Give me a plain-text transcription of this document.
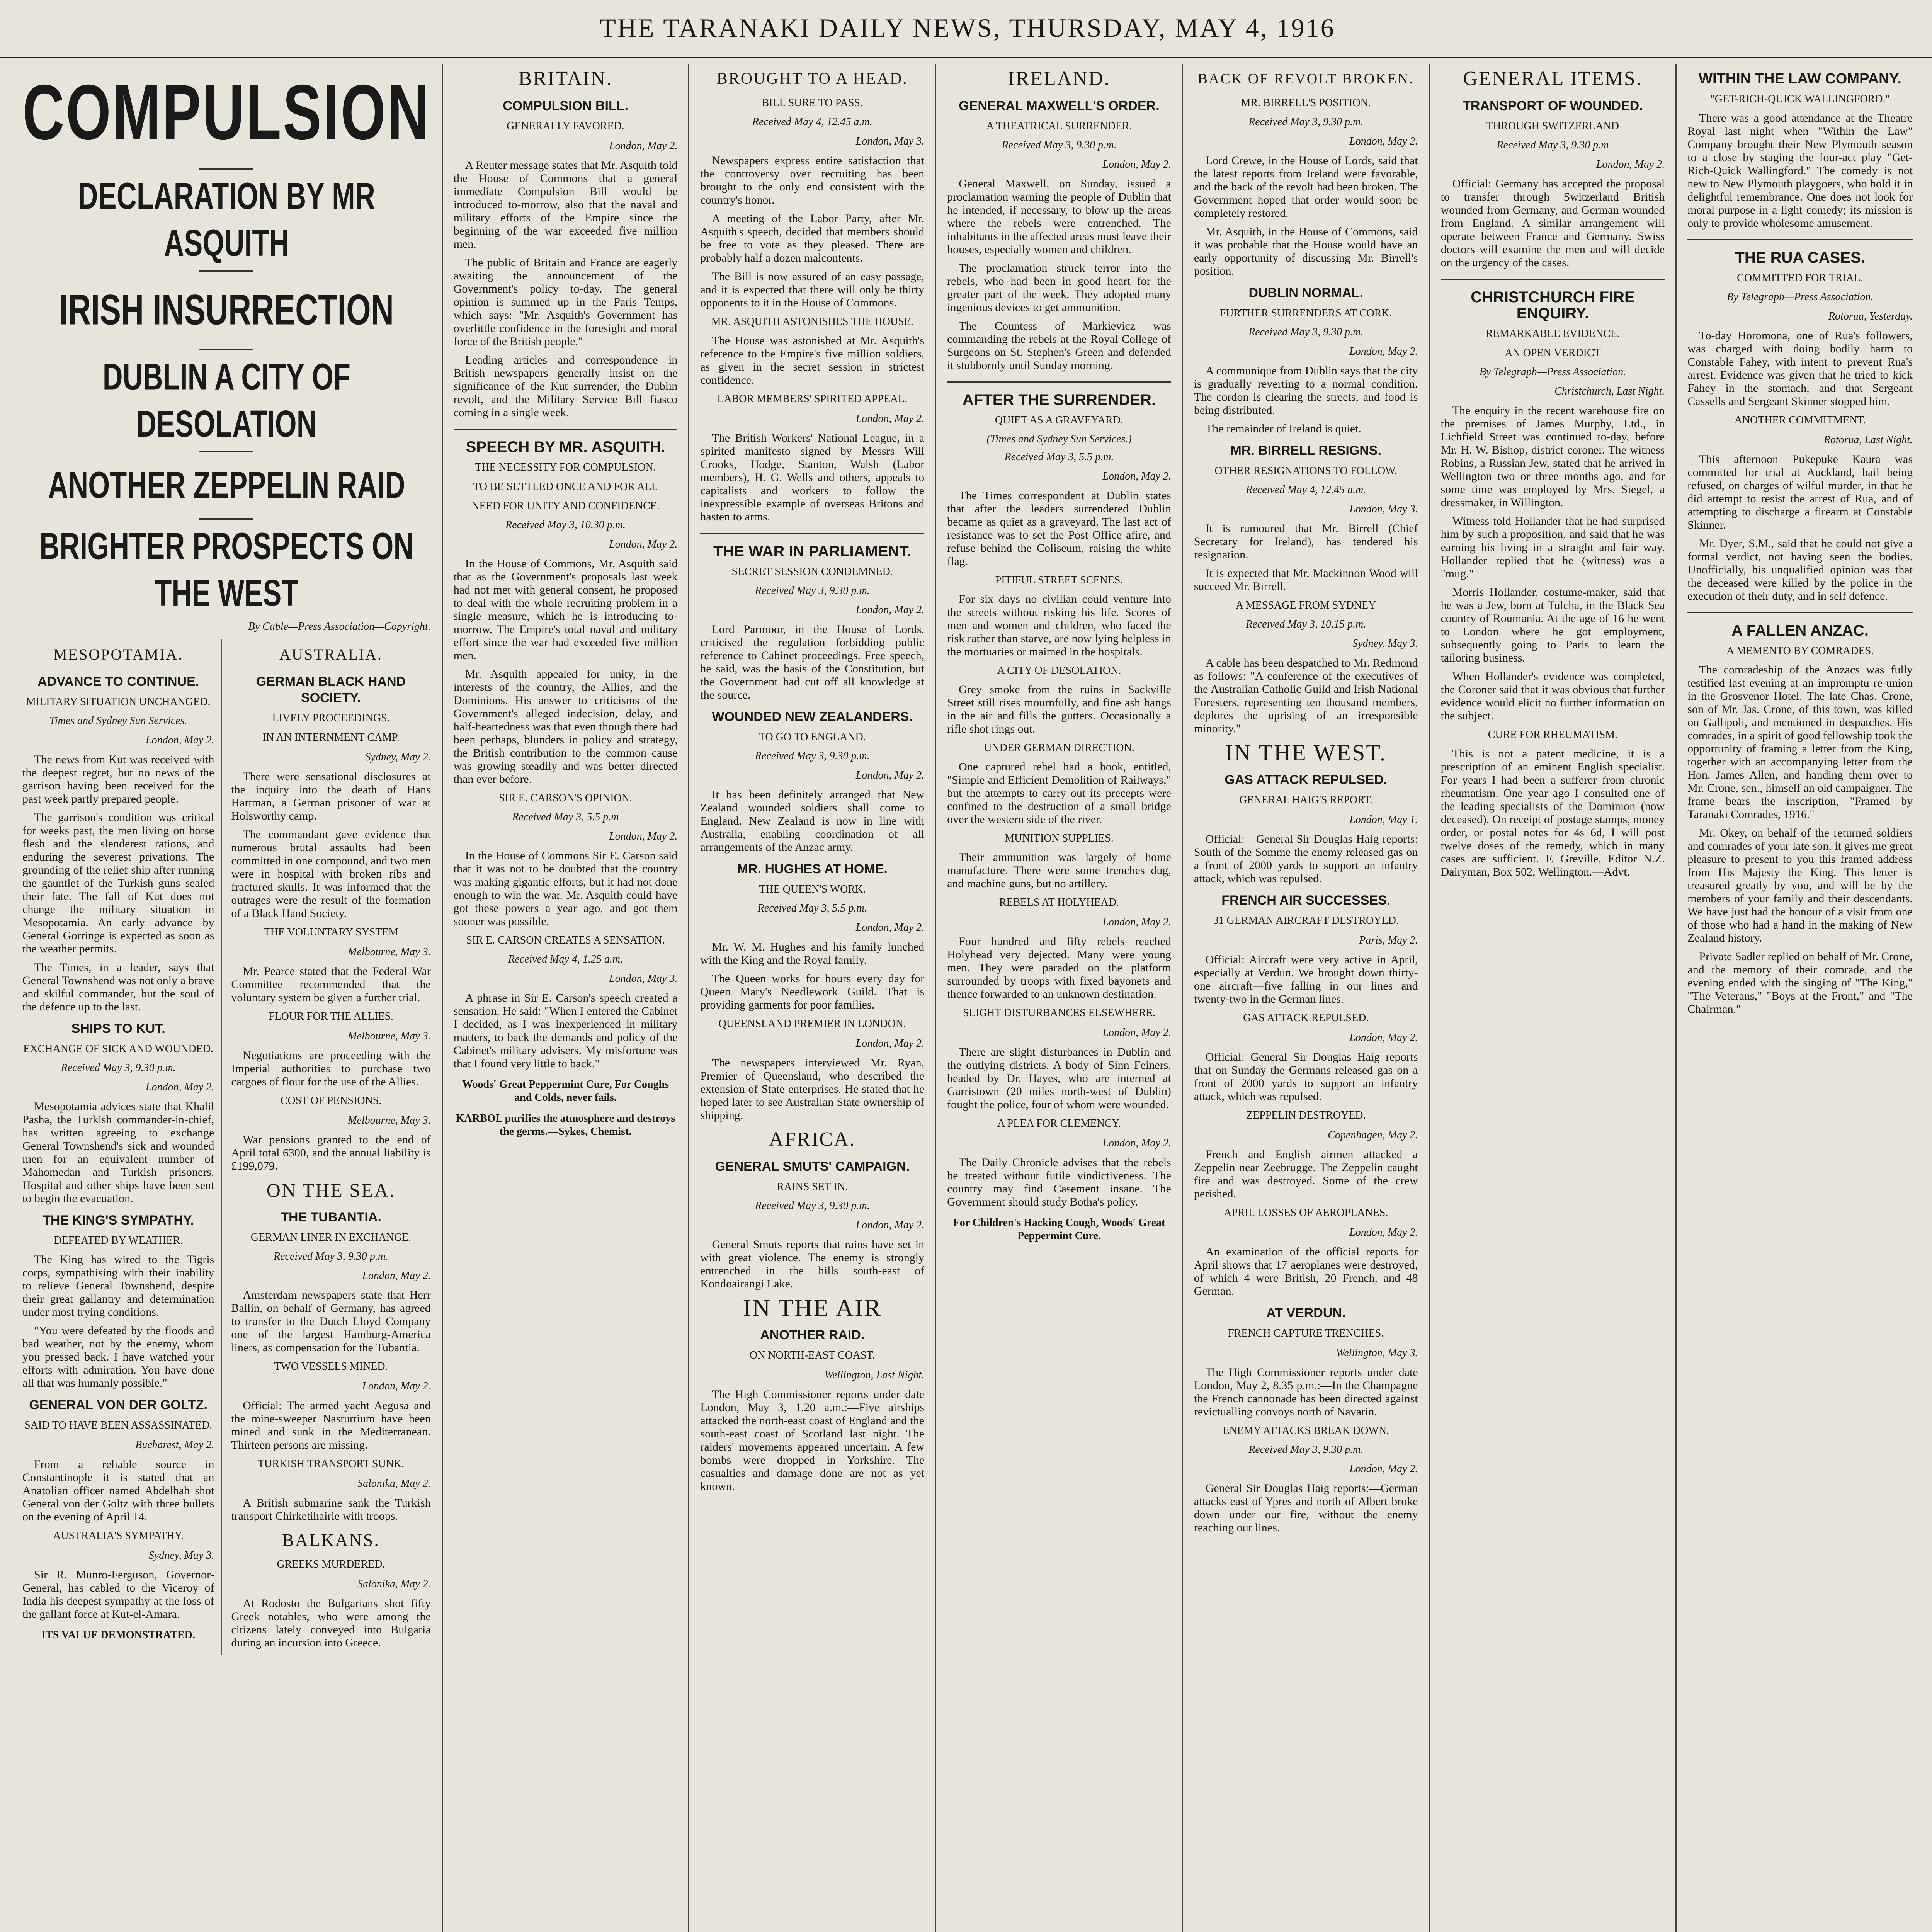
THE TARANAKI DAILY NEWS, THURSDAY, MAY 4, 1916
COMPULSION
DECLARATION BY MR ASQUITH
IRISH INSURRECTION
DUBLIN A CITY OF DESOLATION
ANOTHER ZEPPELIN RAID
BRIGHTER PROSPECTS ON THE WEST
By Cable—Press Association—Copyright.
MESOPOTAMIA.
ADVANCE TO CONTINUE.
MILITARY SITUATION UNCHANGED.
Times and Sydney Sun Services.
London, May 2.

The news from Kut was received with the deepest regret, but no news of the garrison having been received for the past week partly prepared people.

The garrison's condition was critical for weeks past, the men living on horse flesh and the slenderest rations, and enduring the severest privations. The grounding of the relief ship after running the gauntlet of the Turkish guns sealed their fate. The fall of Kut does not change the military situation in Mesopotamia. An early advance by General Gorringe is expected as soon as the weather permits.

The Times, in a leader, says that General Townshend was not only a brave and skilful commander, but the soul of the defence up to the last.

SHIPS TO KUT.
EXCHANGE OF SICK AND WOUNDED.
Received May 3, 9.30 p.m.
London, May 2.

Mesopotamia advices state that Khalil Pasha, the Turkish commander-in-chief, has written agreeing to exchange General Townshend's sick and wounded men for an equivalent number of Mahomedan and Turkish prisoners. Hospital and other ships have been sent to begin the evacuation.

THE KING'S SYMPATHY.
DEFEATED BY WEATHER.

The King has wired to the Tigris corps, sympathising with their inability to relieve General Townshend, despite their great gallantry and determination under most trying conditions.

"You were defeated by the floods and bad weather, not by the enemy, whom you pressed back. I have watched your efforts with admiration. You have done all that was humanly possible."

GENERAL VON DER GOLTZ.
SAID TO HAVE BEEN ASSASSINATED.
Bucharest, May 2.

From a reliable source in Constantinople it is stated that an Anatolian officer named Abdelhah shot General von der Goltz with three bullets on the evening of April 14.

AUSTRALIA'S SYMPATHY.
Sydney, May 3.

Sir R. Munro-Ferguson, Governor-General, has cabled to the Viceroy of India his deepest sympathy at the loss of the gallant force at Kut-el-Amara.

ITS VALUE DEMONSTRATED.
AUSTRALIA.
GERMAN BLACK HAND SOCIETY.
LIVELY PROCEEDINGS.
IN AN INTERNMENT CAMP.
Sydney, May 2.

There were sensational disclosures at the inquiry into the death of Hans Hartman, a German prisoner of war at Holsworthy camp.

The commandant gave evidence that numerous brutal assaults had been committed in one compound, and two men were in hospital with broken ribs and fractured skulls. It was informed that the outrages were the result of the formation of a Black Hand Society.

THE VOLUNTARY SYSTEM
Melbourne, May 3.

Mr. Pearce stated that the Federal War Committee recommended that the voluntary system be given a further trial.

FLOUR FOR THE ALLIES.
Melbourne, May 3.

Negotiations are proceeding with the Imperial authorities to purchase two cargoes of flour for the use of the Allies.

COST OF PENSIONS.
Melbourne, May 3.

War pensions granted to the end of April total 6300, and the annual liability is £199,079.

ON THE SEA.
THE TUBANTIA.
GERMAN LINER IN EXCHANGE.
Received May 3, 9.30 p.m.
London, May 2.

Amsterdam newspapers state that Herr Ballin, on behalf of Germany, has agreed to transfer to the Dutch Lloyd Company one of the largest Hamburg-America liners, as compensation for the Tubantia.

TWO VESSELS MINED.
London, May 2.

Official: The armed yacht Aegusa and the mine-sweeper Nasturtium have been mined and sunk in the Mediterranean. Thirteen persons are missing.

TURKISH TRANSPORT SUNK.
Salonika, May 2.

A British submarine sank the Turkish transport Chirketihairie with troops.

BALKANS.
GREEKS MURDERED.
Salonika, May 2.

At Rodosto the Bulgarians shot fifty Greek notables, who were among the citizens lately conveyed into Bulgaria during an incursion into Greece.

BRITAIN.
COMPULSION BILL.
GENERALLY FAVORED.
London, May 2.

A Reuter message states that Mr. Asquith told the House of Commons that a general immediate Compulsion Bill would be introduced to-morrow, also that the naval and military efforts of the Empire since the beginning of the war exceeded five million men.

The public of Britain and France are eagerly awaiting the announcement of the Government's policy to-day. The general opinion is summed up in the Paris Temps, which says: "Mr. Asquith's Government has overlittle confidence in the foresight and moral force of the British people."

Leading articles and correspondence in British newspapers generally insist on the significance of the Kut surrender, the Dublin revolt, and the Military Service Bill fiasco coming in a single week.

SPEECH BY MR. ASQUITH.
THE NECESSITY FOR COMPULSION.
TO BE SETTLED ONCE AND FOR ALL
NEED FOR UNITY AND CONFIDENCE.
Received May 3, 10.30 p.m.
London, May 2.

In the House of Commons, Mr. Asquith said that as the Government's proposals last week had not met with general consent, he proposed to deal with the whole recruiting problem in a single measure, which he is introducing to-morrow. The Empire's total naval and military effort since the war had exceeded five million men.

Mr. Asquith appealed for unity, in the interests of the country, the Allies, and the Dominions. His answer to criticisms of the Government's alleged indecision, delay, and half-heartedness was that even though there had been perhaps, blunders in policy and strategy, the British contribution to the common cause was growing steadily and was better directed than ever before.

SIR E. CARSON'S OPINION.
Received May 3, 5.5 p.m
London, May 2.

In the House of Commons Sir E. Carson said that it was not to be doubted that the country was making gigantic efforts, but it had not done enough to win the war. Mr. Asquith could have got these powers a year ago, and got them sooner was possible.

SIR E. CARSON CREATES A SENSATION.
Received May 4, 1.25 a.m.
London, May 3.

A phrase in Sir E. Carson's speech created a sensation. He said: "When I entered the Cabinet I decided, as I was inexperienced in military matters, to back the demands and policy of the Cabinet's military advisers. My misfortune was that I found very little to back."

Woods' Great Peppermint Cure, For Coughs and Colds, never fails.
KARBOL purifies the atmosphere and destroys the germs.—Sykes, Chemist.
BROUGHT TO A HEAD.
BILL SURE TO PASS.
Received May 4, 12.45 a.m.
London, May 3.

Newspapers express entire satisfaction that the controversy over recruiting has been brought to the only end consistent with the country's honor.

A meeting of the Labor Party, after Mr. Asquith's speech, decided that members should be free to vote as they pleased. There are probably half a dozen malcontents.

The Bill is now assured of an easy passage, and it is expected that there will only be thirty opponents to it in the House of Commons.

MR. ASQUITH ASTONISHES THE HOUSE.

The House was astonished at Mr. Asquith's reference to the Empire's five million soldiers, as given in the secret session in strictest confidence.

LABOR MEMBERS' SPIRITED APPEAL.
London, May 2.

The British Workers' National League, in a spirited manifesto signed by Messrs Will Crooks, Hodge, Stanton, Walsh (Labor members), H. G. Wells and others, appeals to capitalists and workers to follow the inexpressible example of overseas Britons and hasten to arms.

THE WAR IN PARLIAMENT.
SECRET SESSION CONDEMNED.
Received May 3, 9.30 p.m.
London, May 2.

Lord Parmoor, in the House of Lords, criticised the regulation forbidding public reference to Cabinet proceedings. Free speech, he said, was the basis of the Constitution, but the Government had cut off all knowledge at the source.

WOUNDED NEW ZEALANDERS.
TO GO TO ENGLAND.
Received May 3, 9.30 p.m.
London, May 2.

It has been definitely arranged that New Zealand wounded soldiers shall come to England. New Zealand is now in line with Australia, enabling coordination of all arrangements of the Anzac army.

MR. HUGHES AT HOME.
THE QUEEN'S WORK.
Received May 3, 5.5 p.m.
London, May 2.

Mr. W. M. Hughes and his family lunched with the King and the Royal family.

The Queen works for hours every day for Queen Mary's Needlework Guild. That is providing garments for poor families.

QUEENSLAND PREMIER IN LONDON.
London, May 2.

The newspapers interviewed Mr. Ryan, Premier of Queensland, who described the extension of State enterprises. He stated that he hoped later to see Australian State ownership of shipping.

AFRICA.
GENERAL SMUTS' CAMPAIGN.
RAINS SET IN.
Received May 3, 9.30 p.m.
London, May 2.

General Smuts reports that rains have set in with great violence. The enemy is strongly entrenched in the hills south-east of Kondoairangi Lake.

IN THE AIR
ANOTHER RAID.
ON NORTH-EAST COAST.
Wellington, Last Night.

The High Commissioner reports under date London, May 3, 1.20 a.m.:—Five airships attacked the north-east coast of England and the south-east coast of Scotland last night. The raiders' movements appeared uncertain. A few bombs were dropped in Yorkshire. The casualties and damage done are not as yet known.

IRELAND.
GENERAL MAXWELL'S ORDER.
A THEATRICAL SURRENDER.
Received May 3, 9.30 p.m.
London, May 2.

General Maxwell, on Sunday, issued a proclamation warning the people of Dublin that he intended, if necessary, to blow up the areas where the rebels were entrenched. The inhabitants in the affected areas must leave their houses, especially women and children.

The proclamation struck terror into the rebels, who had been in good heart for the greater part of the week. They adopted many ingenious devices to get ammunition.

The Countess of Markievicz was commanding the rebels at the Royal College of Surgeons on St. Stephen's Green and defended it stubbornly until Sunday morning.

AFTER THE SURRENDER.
QUIET AS A GRAVEYARD.
(Times and Sydney Sun Services.)
Received May 3, 5.5 p.m.
London, May 2.

The Times correspondent at Dublin states that after the leaders surrendered Dublin became as quiet as a graveyard. The last act of resistance was to set the Post Office afire, and refuse behind the Coliseum, raising the white flag.

PITIFUL STREET SCENES.

For six days no civilian could venture into the streets without risking his life. Scores of men and women and children, who faced the risk rather than starve, are now lying helpless in the mortuaries or maimed in the hospitals.

A CITY OF DESOLATION.

Grey smoke from the ruins in Sackville Street still rises mournfully, and fine ash hangs in the air and fills the gutters. Occasionally a rifle shot rings out.

UNDER GERMAN DIRECTION.

One captured rebel had a book, entitled, "Simple and Efficient Demolition of Railways," but the attempts to carry out its precepts were confined to the destruction of a small bridge over the western side of the river.

MUNITION SUPPLIES.

Their ammunition was largely of home manufacture. There were some trenches dug, and machine guns, but no artillery.

REBELS AT HOLYHEAD.
London, May 2.

Four hundred and fifty rebels reached Holyhead very dejected. Many were young men. They were paraded on the platform surrounded by troops with fixed bayonets and thence forwarded to an unknown destination.

SLIGHT DISTURBANCES ELSEWHERE.
London, May 2.

There are slight disturbances in Dublin and the outlying districts. A body of Sinn Feiners, headed by Dr. Hayes, who are interned at Garristown (20 miles north-west of Dublin) fought the police, four of whom were wounded.

A PLEA FOR CLEMENCY.
London, May 2.

The Daily Chronicle advises that the rebels be treated without futile vindictiveness. The country may find Casement insane. The Government should study Botha's policy.

For Children's Hacking Cough, Woods' Great Peppermint Cure.
BACK OF REVOLT BROKEN.
MR. BIRRELL'S POSITION.
Received May 3, 9.30 p.m.
London, May 2.

Lord Crewe, in the House of Lords, said that the latest reports from Ireland were favorable, and the back of the revolt had been broken. The Government hoped that order would soon be completely restored.

Mr. Asquith, in the House of Commons, said it was probable that the House would have an early opportunity of discussing Mr. Birrell's position.

DUBLIN NORMAL.
FURTHER SURRENDERS AT CORK.
Received May 3, 9.30 p.m.
London, May 2.

A communique from Dublin says that the city is gradually reverting to a normal condition. The cordon is clearing the streets, and food is being distributed.

The remainder of Ireland is quiet.

MR. BIRRELL RESIGNS.
OTHER RESIGNATIONS TO FOLLOW.
Received May 4, 12.45 a.m.
London, May 3.

It is rumoured that Mr. Birrell (Chief Secretary for Ireland), has tendered his resignation.

It is expected that Mr. Mackinnon Wood will succeed Mr. Birrell.

A MESSAGE FROM SYDNEY
Received May 3, 10.15 p.m.
Sydney, May 3.

A cable has been despatched to Mr. Redmond as follows: "A conference of the executives of the Australian Catholic Guild and Irish National Foresters, representing ten thousand members, deplores the uprising of an irresponsible minority."

IN THE WEST.
GAS ATTACK REPULSED.
GENERAL HAIG'S REPORT.
London, May 1.

Official:—General Sir Douglas Haig reports: South of the Somme the enemy released gas on a front of 2000 yards to support an infantry attack, which was repulsed.

FRENCH AIR SUCCESSES.
31 GERMAN AIRCRAFT DESTROYED.
Paris, May 2.

Official: Aircraft were very active in April, especially at Verdun. We brought down thirty-one aircraft—five falling in our lines and twenty-two in the German lines.

GAS ATTACK REPULSED.
London, May 2.

Official: General Sir Douglas Haig reports that on Sunday the Germans released gas on a front of 2000 yards to support an infantry attack, which was repulsed.

ZEPPELIN DESTROYED.
Copenhagen, May 2.

French and English airmen attacked a Zeppelin near Zeebrugge. The Zeppelin caught fire and was destroyed. Some of the crew perished.

APRIL LOSSES OF AEROPLANES.
London, May 2.

An examination of the official reports for April shows that 17 aeroplanes were destroyed, of which 4 were British, 20 French, and 48 German.

AT VERDUN.
FRENCH CAPTURE TRENCHES.
Wellington, May 3.

The High Commissioner reports under date London, May 2, 8.35 p.m.:—In the Champagne the French cannonade has been directed against revictualling convoys north of Navarin.

ENEMY ATTACKS BREAK DOWN.
Received May 3, 9.30 p.m.
London, May 2.

General Sir Douglas Haig reports:—German attacks east of Ypres and north of Albert broke down under our fire, without the enemy reaching our lines.

GENERAL ITEMS.
TRANSPORT OF WOUNDED.
THROUGH SWITZERLAND
Received May 3, 9.30 p.m
London, May 2.

Official: Germany has accepted the proposal to transfer through Switzerland British wounded from Germany, and German wounded from England. A similar arrangement will operate between France and Germany. Swiss doctors will examine the men and will decide on the urgency of the cases.

CHRISTCHURCH FIRE ENQUIRY.
REMARKABLE EVIDENCE.
AN OPEN VERDICT
By Telegraph—Press Association.
Christchurch, Last Night.

The enquiry in the recent warehouse fire on the premises of James Murphy, Ltd., in Lichfield Street was continued to-day, before Mr. H. W. Bishop, district coroner. The witness Robins, a Russian Jew, stated that he arrived in Wellington two or three months ago, and for some time was employed by Mrs. Siegel, a dressmaker, in Willington.

Witness told Hollander that he had surprised him by such a proposition, and said that he was earning his living in a straight and fair way. Hollander replied that he (witness) was a "mug."

Morris Hollander, costume-maker, said that he was a Jew, born at Tulcha, in the Black Sea country of Roumania. At the age of 16 he went to London where he got employment, subsequently going to Paris to learn the tailoring business.

When Hollander's evidence was completed, the Coroner said that it was obvious that further evidence would elicit no further information on the subject.

CURE FOR RHEUMATISM.

This is not a patent medicine, it is a prescription of an eminent English specialist. For years I had been a sufferer from chronic rheumatism. One year ago I consulted one of the leading specialists of the Dominion (now deceased). On receipt of postage stamps, money order, or postal notes for 4s 6d, I will post twelve doses of the remedy, which in many cases are sufficient. F. Greville, Editor N.Z. Dairyman, Box 502, Wellington.—Advt.

WITHIN THE LAW COMPANY.
"GET-RICH-QUICK WALLINGFORD."

There was a good attendance at the Theatre Royal last night when "Within the Law" Company brought their New Plymouth season to a close by staging the four-act play "Get-Rich-Quick Wallingford." The comedy is not new to New Plymouth playgoers, who hold it in delightful remembrance. One does not look for moral purpose in a light comedy; its mission is only to provide wholesome amusement.

THE RUA CASES.
COMMITTED FOR TRIAL.
By Telegraph—Press Association.
Rotorua, Yesterday.

To-day Horomona, one of Rua's followers, was charged with doing bodily harm to Constable Fahey, with intent to prevent Rua's arrest. Evidence was given that he tried to kick Fahey in the stomach, and that Sergeant Cassells and Sergeant Skinner stopped him.

ANOTHER COMMITMENT.
Rotorua, Last Night.

This afternoon Pukepuke Kaura was committed for trial at Auckland, bail being refused, on charges of wilful murder, in that he did attempt to resist the arrest of Rua, and of attempting to discharge a firearm at Constable Skinner.

Mr. Dyer, S.M., said that he could not give a formal verdict, not having seen the bodies. Unofficially, his unqualified opinion was that the deceased were killed by the police in the execution of their duty, and in self defence.

A FALLEN ANZAC.
A MEMENTO BY COMRADES.

The comradeship of the Anzacs was fully testified last evening at an impromptu re-union in the Grosvenor Hotel. The late Chas. Crone, son of Mr. Jas. Crone, of this town, was killed on Gallipoli, and mentioned in despatches. His comrades, in a spirit of good fellowship took the opportunity of framing a letter from the King, together with an accompanying letter from the Hon. James Allen, and handing them over to Mr. Crone, sen., himself an old campaigner. The frame bears the inscription, "Framed by Taranaki Comrades, 1916."

Mr. Okey, on behalf of the returned soldiers and comrades of your late son, it gives me great pleasure to present to you this framed address from His Majesty the King. This letter is treasured greatly by you, and will be by the members of your family and their descendants. We have just had the honour of a visit from one of those who had a hand in the making of New Zealand history.

Private Sadler replied on behalf of Mr. Crone, and the memory of their comrade, and the evening ended with the singing of "The King," "The Veterans," "Boys at the Front," and "The Chairman."
